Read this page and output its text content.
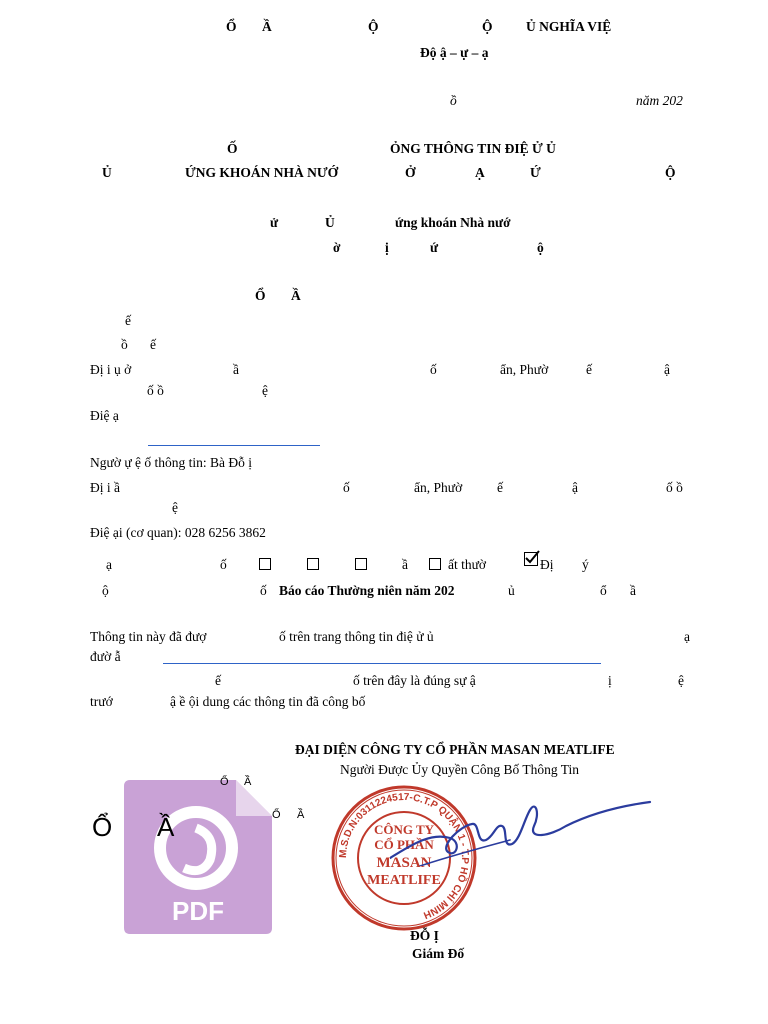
Ổ Ầ	Ộ	Ộ Ủ NGHĨA VIỆ
Độ ậ – ự – ạ
ồ	năm 202
Ố	ỎNG THÔNG TIN ĐIỆ Ử Ủ
Ủ	ỨNG KHOÁN NHÀ NƯỚ	Ở	Ạ	Ứ	Ộ
ử	Ủ	ứng khoán Nhà nướ
ờ	ị	ứ	ộ
Ổ Ầ
ế
ồ ế
Đị i ụ ở	ầ	ố	ẩn, Phườ	ế	ậ
ố ồ	ệ
Điệ ạ
Ngườ ự ệ ố thông tin: Bà Đỗ ị
Đị i ầ	ố	ẩn, Phườ	ế	ậ	ố ồ
ệ
Điệ ại (cơ quan): 028 6256 3862
ạ	ố	ầ	ất thườ	Đị ý
ộ	ố Báo cáo Thường niên năm 202	ủ	ổ ầ
Thông tin này đã đượ	ố trên trang thông tin điệ ử ủ	ạ
đườ ẫ
ế	ố trên đây là đúng sự ậ	ị	ệ
trướ	ậ ề ội dung các thông tin đã công bố
ĐẠI DIỆN CÔNG TY CỔ PHẦN MASAN MEATLIFE
Người Được Ủy Quyền Công Bố Thông Tin
PDF
Ổ Ầ
Ổ Ầ
Ổ Ầ
M.S.D.N:0311224517-C.T.P QUẬN 1 - T.P HỒ CHÍ MINH
CÔNG TY
CỔ PHẦN
MASAN
MEATLIFE
ĐỖ Ị
Giám Đố
